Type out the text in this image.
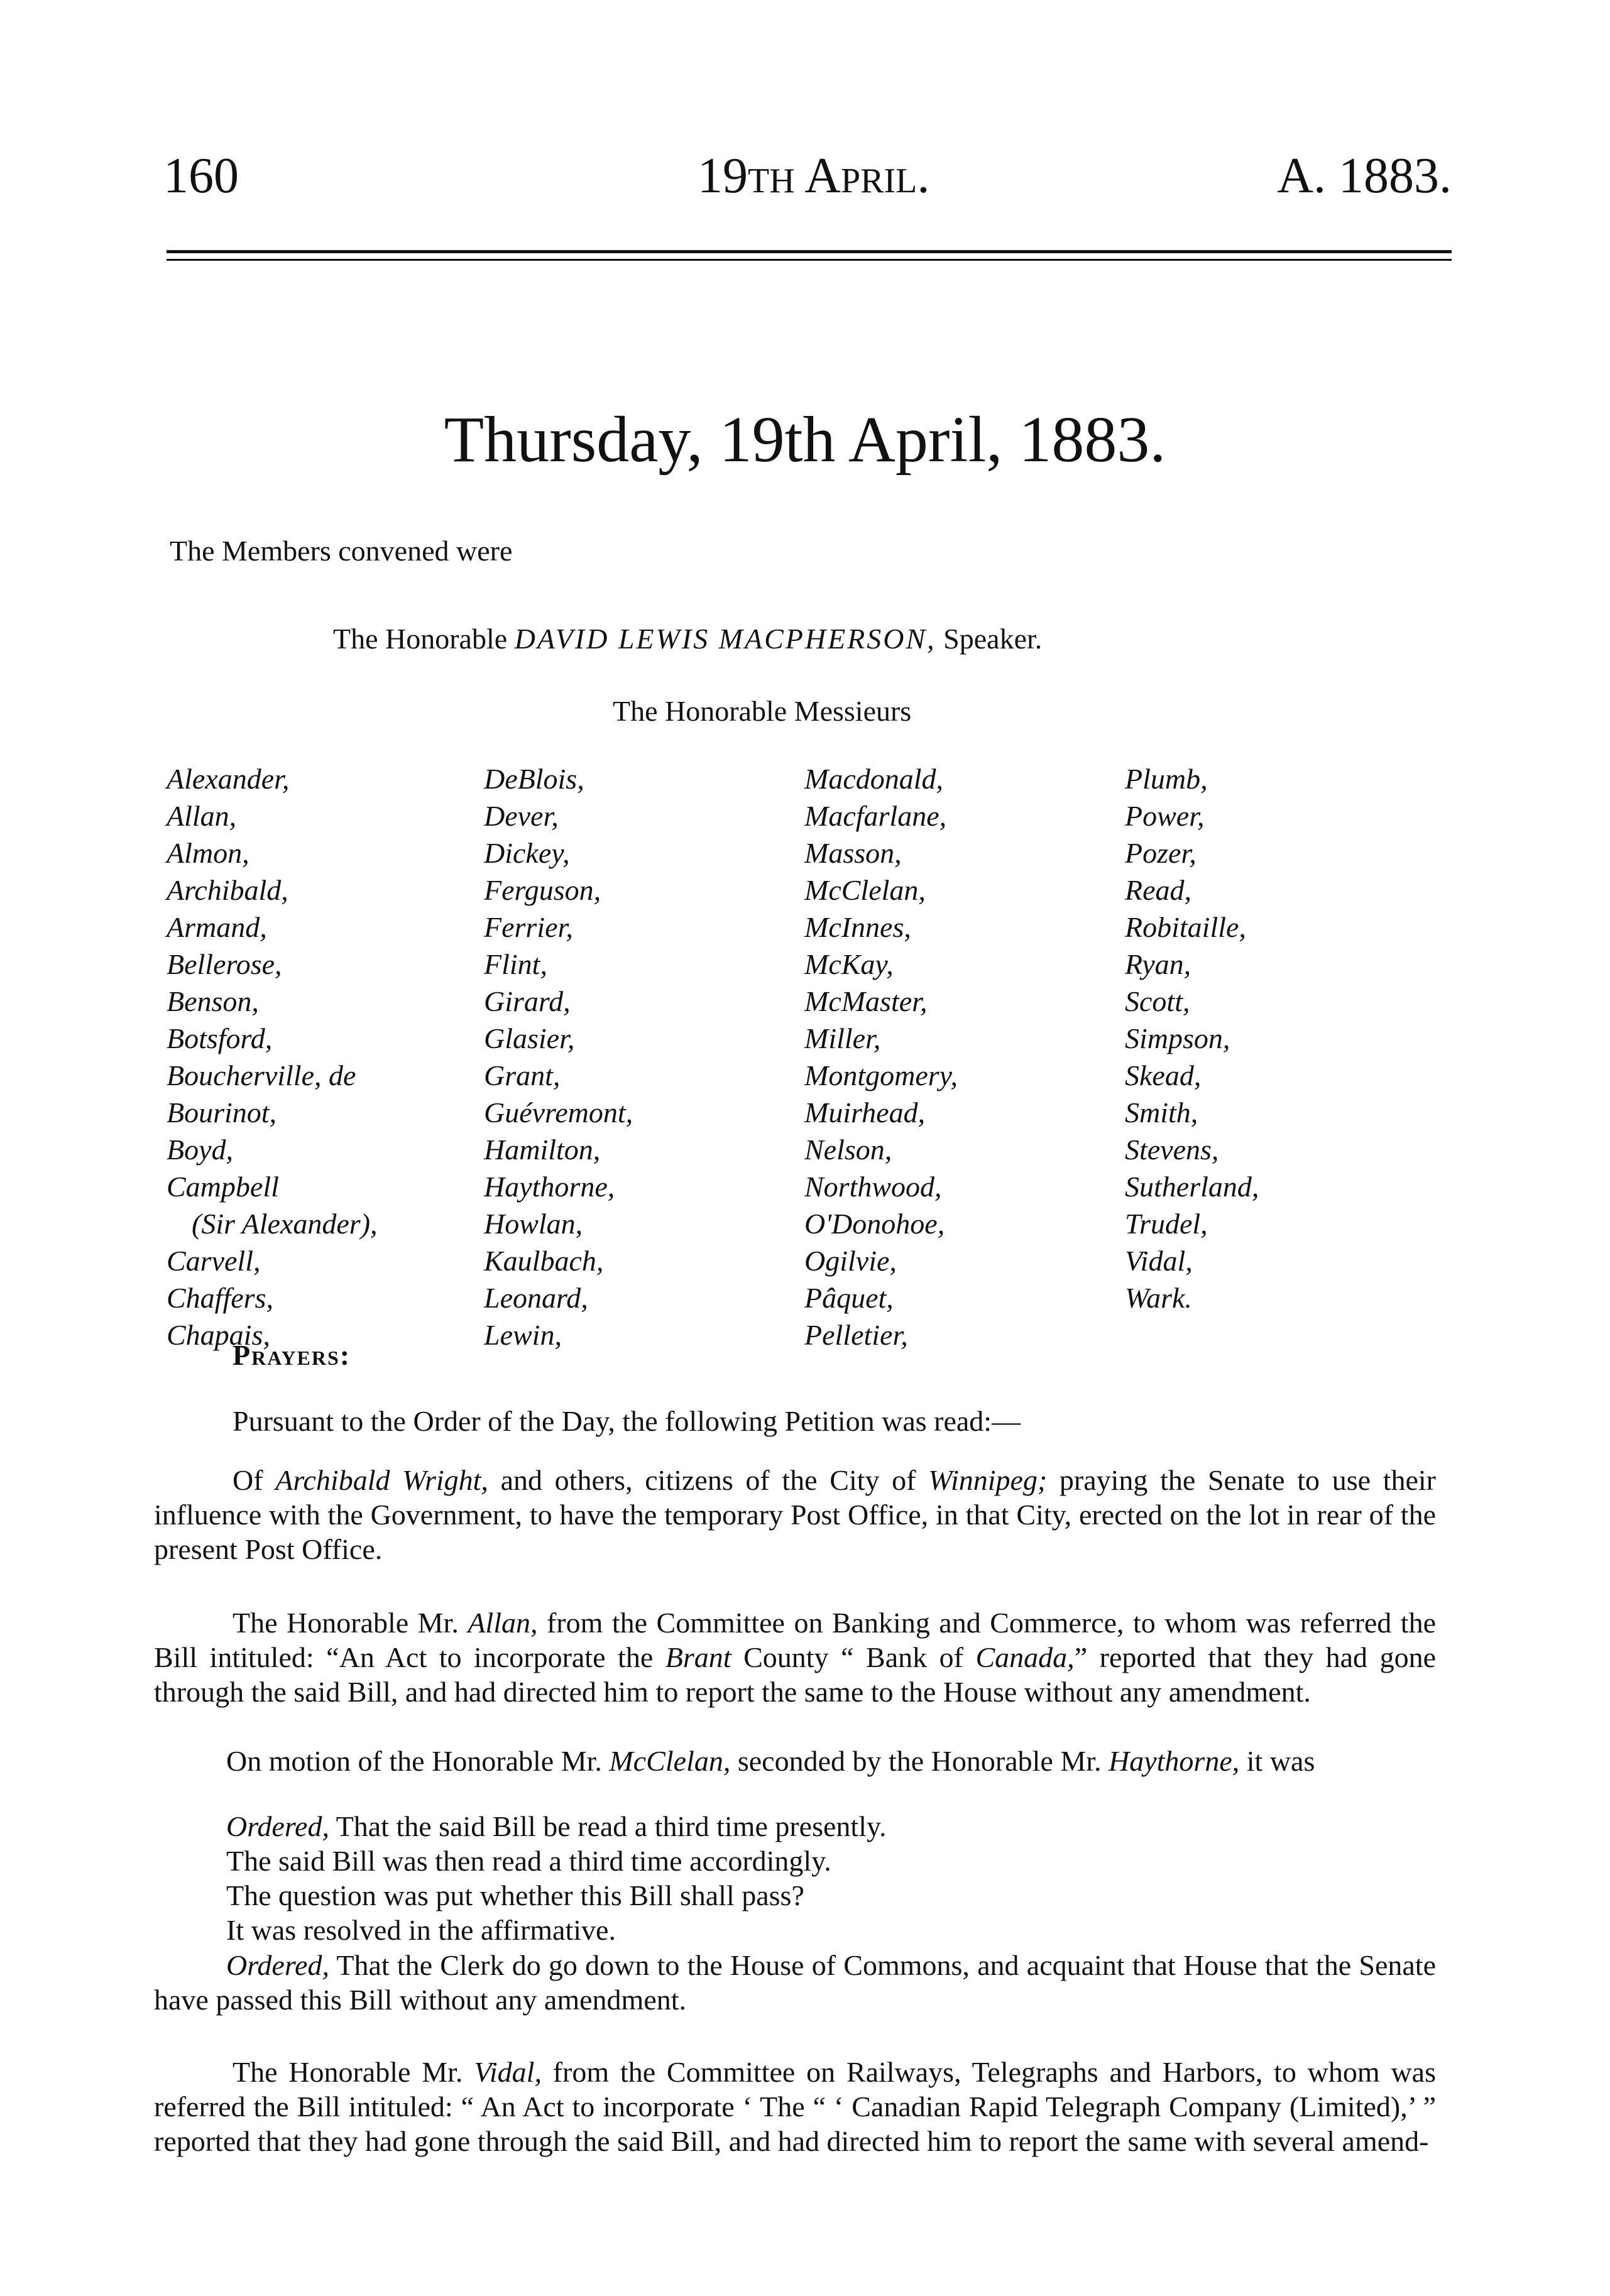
160	19th April.	A. 1883.
Thursday, 19th April, 1883.
The Members convened were
The Honorable DAVID LEWIS MACPHERSON, Speaker.
The Honorable Messieurs
Alexander,
Allan,
Almon,
Archibald,
Armand,
Bellerose,
Benson,
Botsford,
Boucherville, de
Bourinot,
Boyd,
Campbell
(Sir Alexander),
Carvell,
Chaffers,
Chapais,
DeBlois,
Dever,
Dickey,
Ferguson,
Ferrier,
Flint,
Girard,
Glasier,
Grant,
Guévremont,
Hamilton,
Haythorne,
Howlan,
Kaulbach,
Leonard,
Lewin,
Macdonald,
Macfarlane,
Masson,
McClelan,
McInnes,
McKay,
McMaster,
Miller,
Montgomery,
Muirhead,
Nelson,
Northwood,
O'Donohoe,
Ogilvie,
Pâquet,
Pelletier,
Plumb,
Power,
Pozer,
Read,
Robitaille,
Ryan,
Scott,
Simpson,
Skead,
Smith,
Stevens,
Sutherland,
Trudel,
Vidal,
Wark.
Prayers:
Pursuant to the Order of the Day, the following Petition was read:—
Of Archibald Wright, and others, citizens of the City of Winnipeg; praying the Senate to use their influence with the Government, to have the temporary Post Office, in that City, erected on the lot in rear of the present Post Office.
The Honorable Mr. Allan, from the Committee on Banking and Commerce, to whom was referred the Bill intituled: “An Act to incorporate the Brant County “ Bank of Canada,” reported that they had gone through the said Bill, and had directed him to report the same to the House without any amendment.
On motion of the Honorable Mr. McClelan, seconded by the Honorable Mr. Haythorne, it was
Ordered, That the said Bill be read a third time presently.
The said Bill was then read a third time accordingly.
The question was put whether this Bill shall pass?
It was resolved in the affirmative.
Ordered, That the Clerk do go down to the House of Commons, and acquaint that House that the Senate have passed this Bill without any amendment.
The Honorable Mr. Vidal, from the Committee on Railways, Telegraphs and Harbors, to whom was referred the Bill intituled: “ An Act to incorporate ‘ The “ ‘ Canadian Rapid Telegraph Company (Limited),’ ” reported that they had gone through the said Bill, and had directed him to report the same with several amend-
